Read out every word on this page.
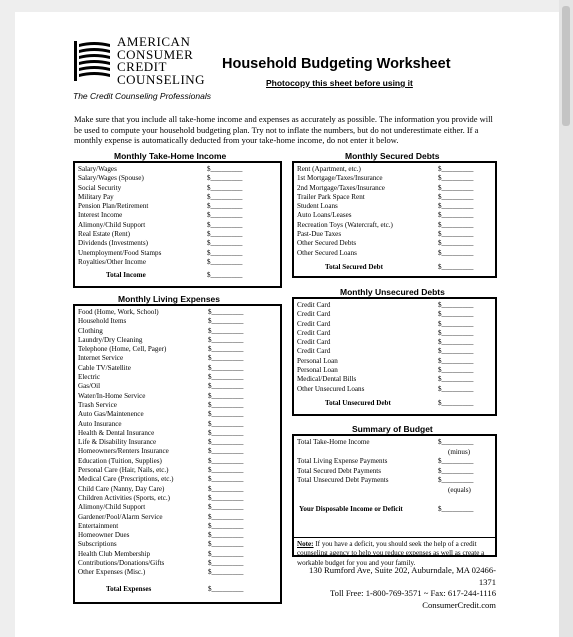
AMERICAN
CONSUMER
CREDIT
COUNSELING
The Credit Counseling Professionals
Household Budgeting Worksheet
Photocopy this sheet before using it
Make sure that you include all take-home income and expenses as accurately as possible. The information you provide will be used to compute your household budgeting plan. Try not to inflate the numbers, but do not underestimate either. If a monthly expense is automatically deducted from your take-home income, do not enter it below.
Monthly Take-Home Income
Salary/Wages	$_________
Salary/Wages (Spouse)	$_________
Social Security	$_________
Military Pay	$_________
Pension Plan/Retirement	$_________
Interest Income	$_________
Alimony/Child Support	$_________
Real Estate (Rent)	$_________
Dividends (Investments)	$_________
Unemployment/Food Stamps	$_________
Royalties/Other Income	$_________
Total Income	$_________
Monthly Living Expenses
Food (Home, Work, School)	$_________
Household Items	$_________
Clothing	$_________
Laundry/Dry Cleaning	$_________
Telephone (Home, Cell, Pager)	$_________
Internet Service	$_________
Cable TV/Satellite	$_________
Electric	$_________
Gas/Oil	$_________
Water/In-Home Service	$_________
Trash Service	$_________
Auto Gas/Maintenence	$_________
Auto Insurance	$_________
Health & Dental Insurance	$_________
Life & Disability Insurance	$_________
Homeowners/Renters Insurance	$_________
Education (Tuition, Supplies)	$_________
Personal Care (Hair, Nails, etc.)	$_________
Medical Care (Prescriptions, etc.)	$_________
Child Care (Nanny, Day Care)	$_________
Children Activities (Sports, etc.)	$_________
Alimony/Child Support	$_________
Gardener/Pool/Alarm Service	$_________
Entertainment	$_________
Homeowner Dues	$_________
Subscriptions	$_________
Health Club Membership	$_________
Contributions/Donations/Gifts	$_________
Other Expenses (Misc.)	$_________
Total Expenses	$_________
Monthly Secured Debts
Rent (Apartment, etc.)	$_________
1st Mortgage/Taxes/Insurance	$_________
2nd Mortgage/Taxes/Insurance	$_________
Trailer Park Space Rent	$_________
Student Loans	$_________
Auto Loans/Leases	$_________
Recreation Toys (Watercraft, etc.)	$_________
Past-Due Taxes	$_________
Other Secured Debts	$_________
Other Secured Loans	$_________
Total Secured Debt	$_________
Monthly Unsecured Debts
Credit Card	$_________
Credit Card	$_________
Credit Card	$_________
Credit Card	$_________
Credit Card	$_________
Credit Card	$_________
Personal Loan	$_________
Personal Loan	$_________
Medical/Dental Bills	$_________
Other Unsecured Loans	$_________
Total Unsecured Debt	$_________
Summary of Budget
Total Take-Home Income	$_________
(minus)
Total Living Expense Payments	$_________
Total Secured Debt Payments	$_________
Total Unsecured Debt Payments	$_________
(equals)
Your Disposable Income or Deficit	$_________
Note: If you have a deficit, you should seek the help of a credit counseling agency to help you reduce expenses as well as create a workable budget for you and your family.
130 Rumford Ave, Suite 202, Auburndale, MA 02466-1371
Toll Free: 1-800-769-3571 ~ Fax: 617-244-1116
ConsumerCredit.com
